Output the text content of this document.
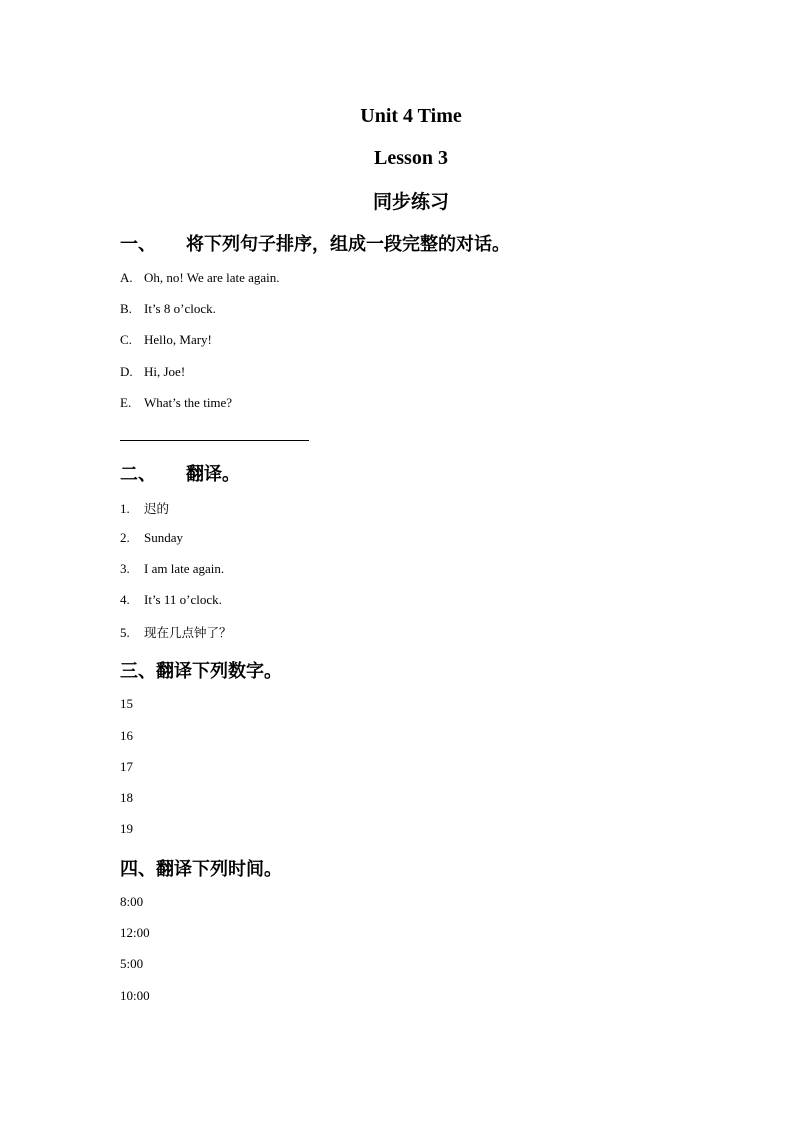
Unit 4 Time
Lesson 3
同步练习
一、 将下列句子排序，组成一段完整的对话。
A. Oh, no! We are late again.
B. It’s 8 o’clock.
C. Hello, Mary!
D. Hi, Joe!
E. What’s the time?
二、 翻译。
1. 迟的
2. Sunday
3. I am late again.
4. It’s 11 o’clock.
5. 现在几点钟了？
三、翻译下列数字。
15
16
17
18
19
四、翻译下列时间。
8:00
12:00
5:00
10:00
